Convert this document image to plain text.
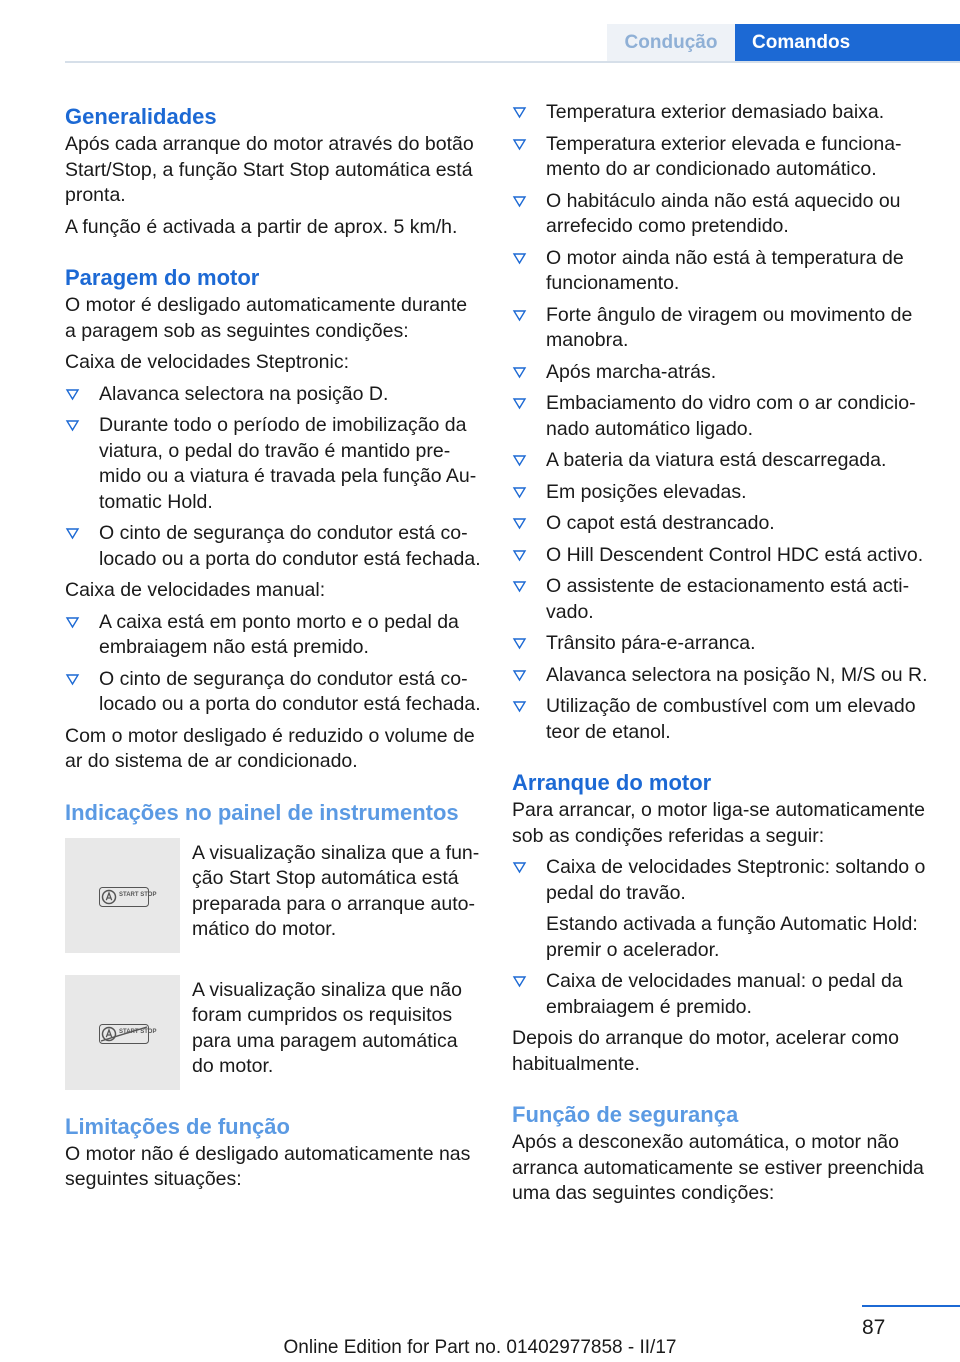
Condução	Comandos
Generalidades

Após cada arranque do motor através do botão Start/Stop, a função Start Stop automática está pronta.

A função é activada a partir de aprox. 5 km/h.

Paragem do motor

O motor é desligado automaticamente durante a paragem sob as seguintes condições:

Caixa de velocidades Steptronic:

Alavanca selectora na posição D.
Durante todo o período de imobilização da viatura, o pedal do travão é mantido premido ou a viatura é travada pela função Automatic Hold.
O cinto de segurança do condutor está colocado ou a porta do condutor está fechada.

Caixa de velocidades manual:

A caixa está em ponto morto e o pedal da embraiagem não está premido.
O cinto de segurança do condutor está colocado ou a porta do condutor está fechada.

Com o motor desligado é reduzido o volume de ar do sistema de ar condicionado.

Indicações no painel de instrumentos
START STOP
A visualização sinaliza que a função Start Stop automática está preparada para o arranque automático do motor.
START STOP
A visualização sinaliza que não foram cumpridos os requisitos para uma paragem automática do motor.
Limitações de função

O motor não é desligado automaticamente nas seguintes situações:

Temperatura exterior demasiado baixa.
Temperatura exterior elevada e funcionamento do ar condicionado automático.
O habitáculo ainda não está aquecido ou arrefecido como pretendido.
O motor ainda não está à temperatura de funcionamento.
Forte ângulo de viragem ou movimento de manobra.
Após marcha-atrás.
Embaciamento do vidro com o ar condicionado automático ligado.
A bateria da viatura está descarregada.
Em posições elevadas.
O capot está destrancado.
O Hill Descendent Control HDC está activo.
O assistente de estacionamento está activado.
Trânsito pára-e-arranca.
Alavanca selectora na posição N, M/S ou R.
Utilização de combustível com um elevado teor de etanol.
Arranque do motor

Para arrancar, o motor liga-se automaticamente sob as condições referidas a seguir:

Caixa de velocidades Steptronic: soltando o pedal do travão.
Estando activada a função Automatic Hold: premir o acelerador.
Caixa de velocidades manual: o pedal da embraiagem é premido.

Depois do arranque do motor, acelerar como habitualmente.

Função de segurança

Após a desconexão automática, o motor não arranca automaticamente se estiver preenchida uma das seguintes condições:

87
Online Edition for Part no. 01402977858 - II/17
